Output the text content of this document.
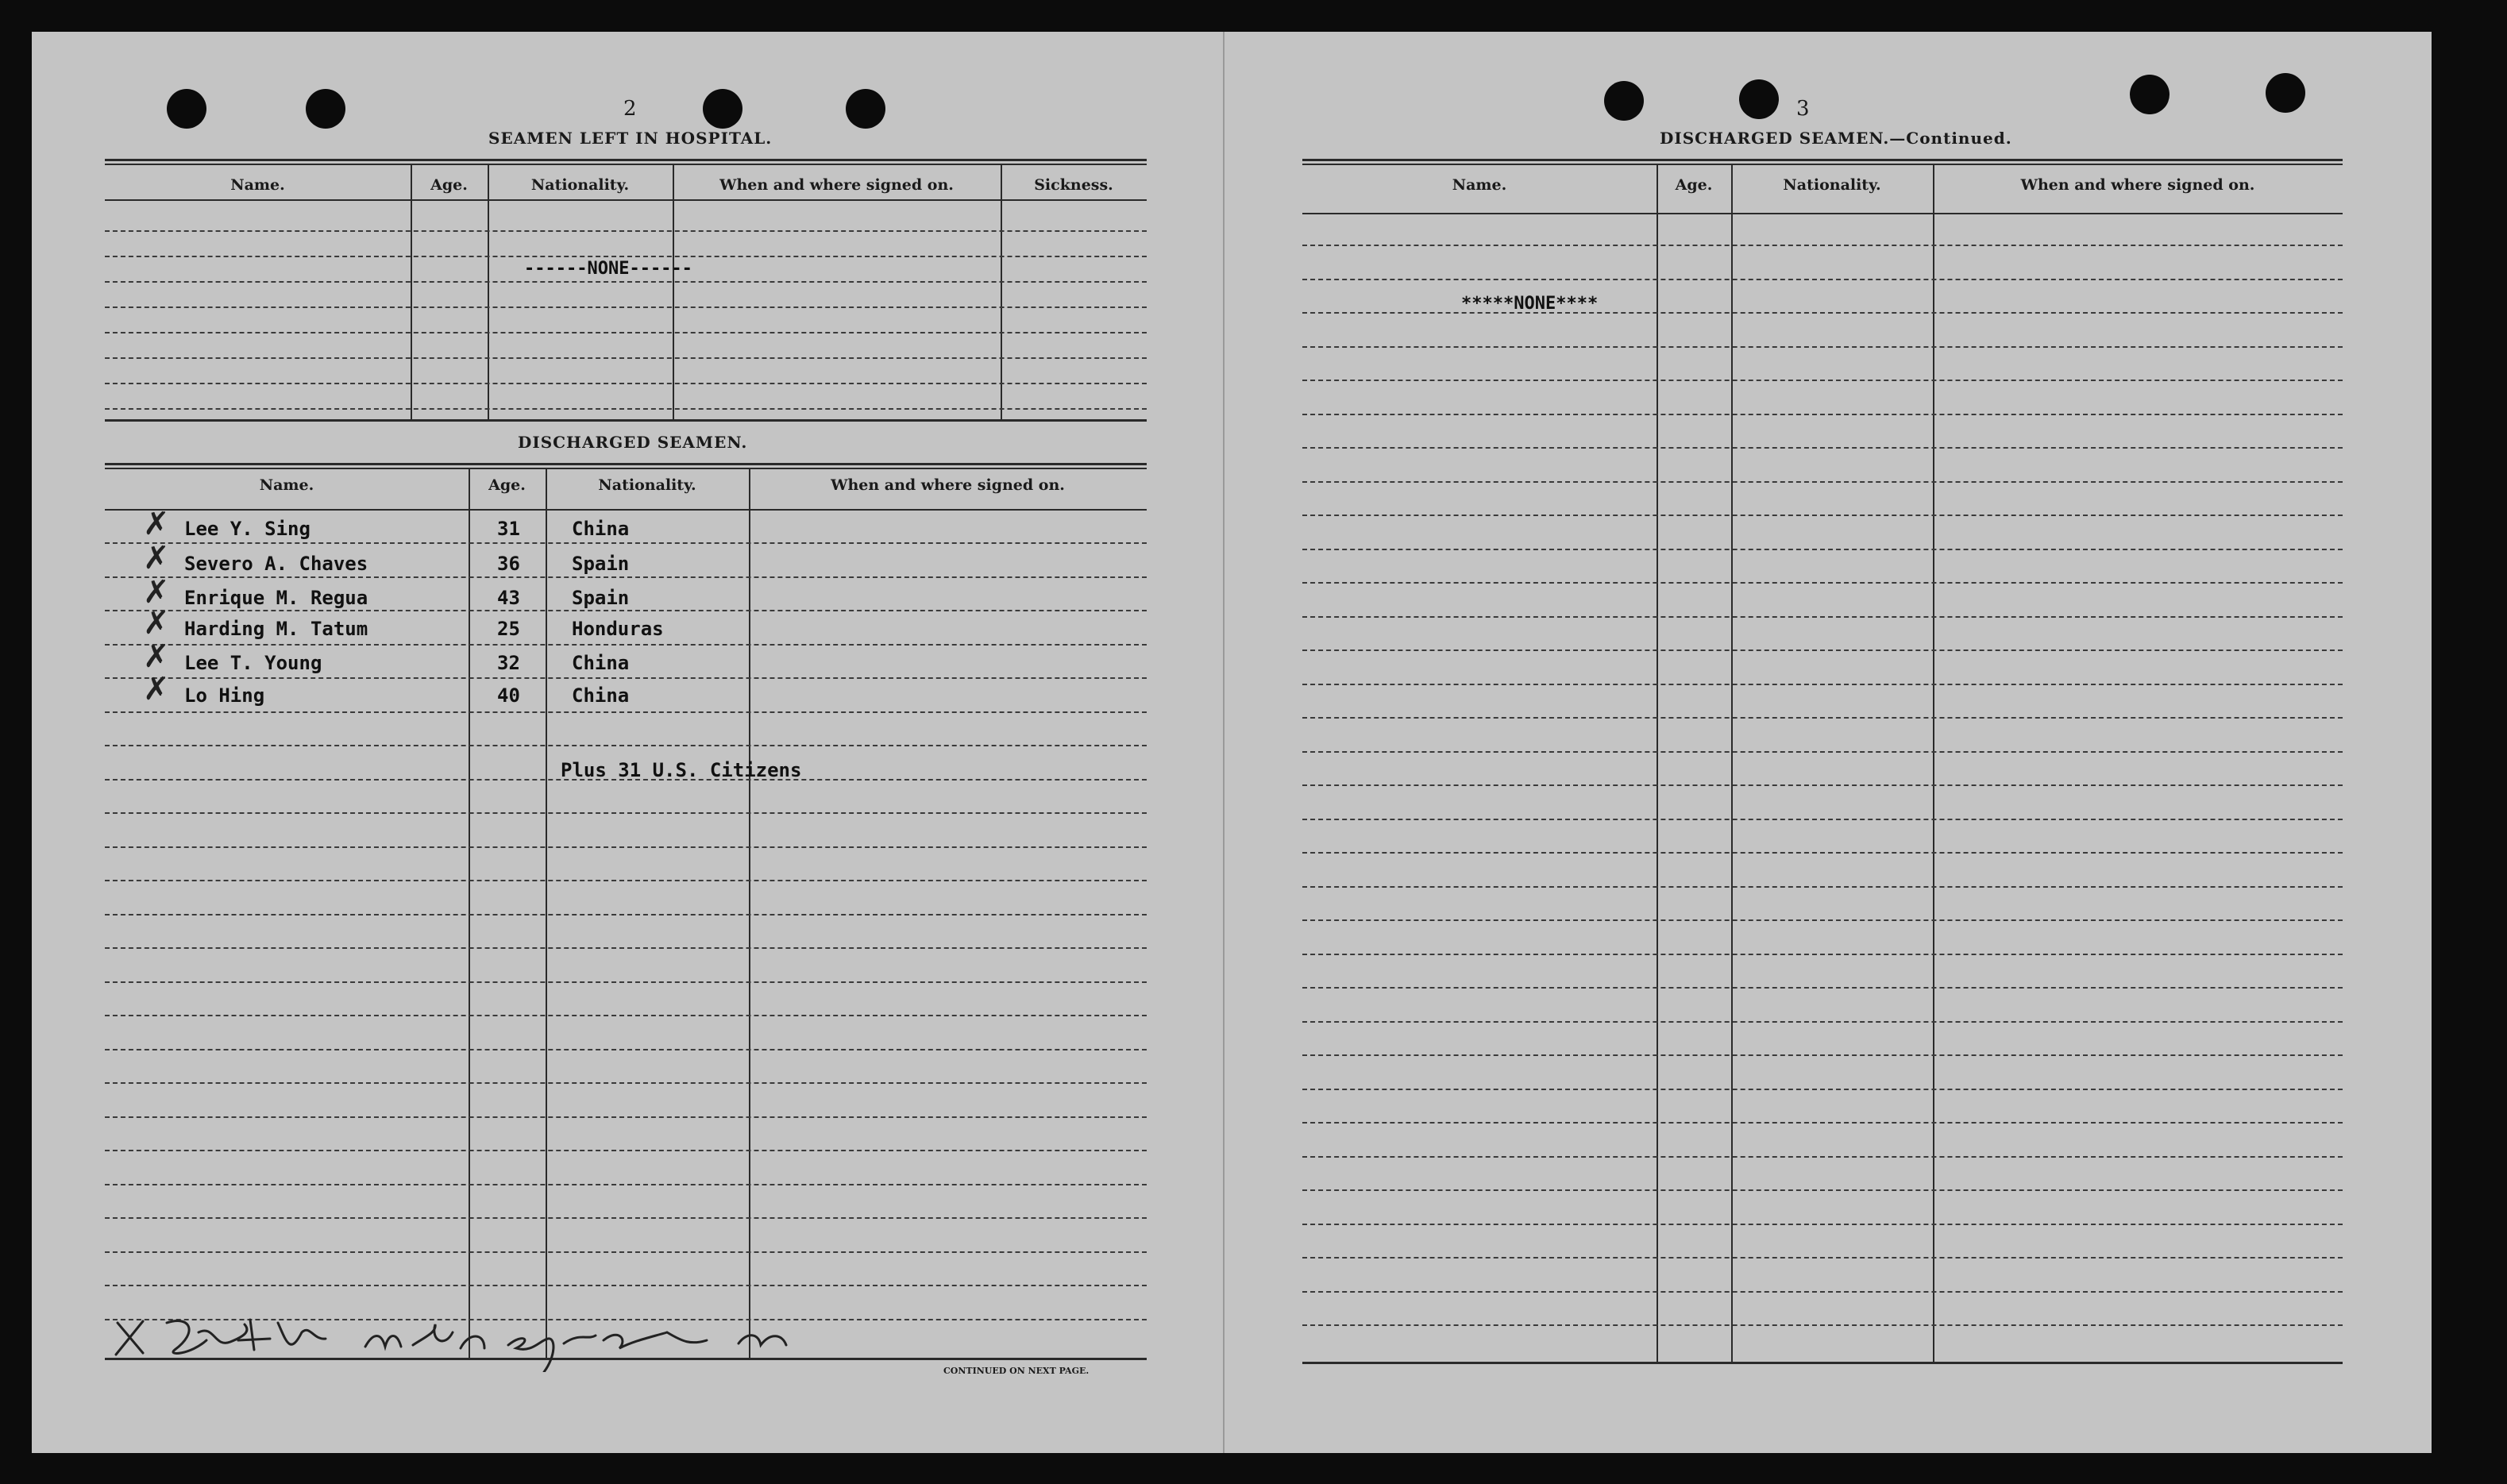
2
SEAMEN LEFT IN HOSPITAL.
Name.	Age.	Nationality.	When and where signed on.	Sickness.
------NONE------
DISCHARGED SEAMEN.
Name.	Age.	Nationality.	When and where signed on.
✗ Lee Y. Sing	31	China
✗ Severo A. Chaves	36	Spain
✗ Enrique M. Regua	43	Spain
✗ Harding M. Tatum	25	Honduras
✗ Lee T. Young	32	China
✗ Lo Hing	40	China
Plus 31 U.S. Citizens
CONTINUED ON NEXT PAGE.
3
DISCHARGED SEAMEN.—Continued.
Name.	Age.	Nationality.	When and where signed on.
*****NONE****
